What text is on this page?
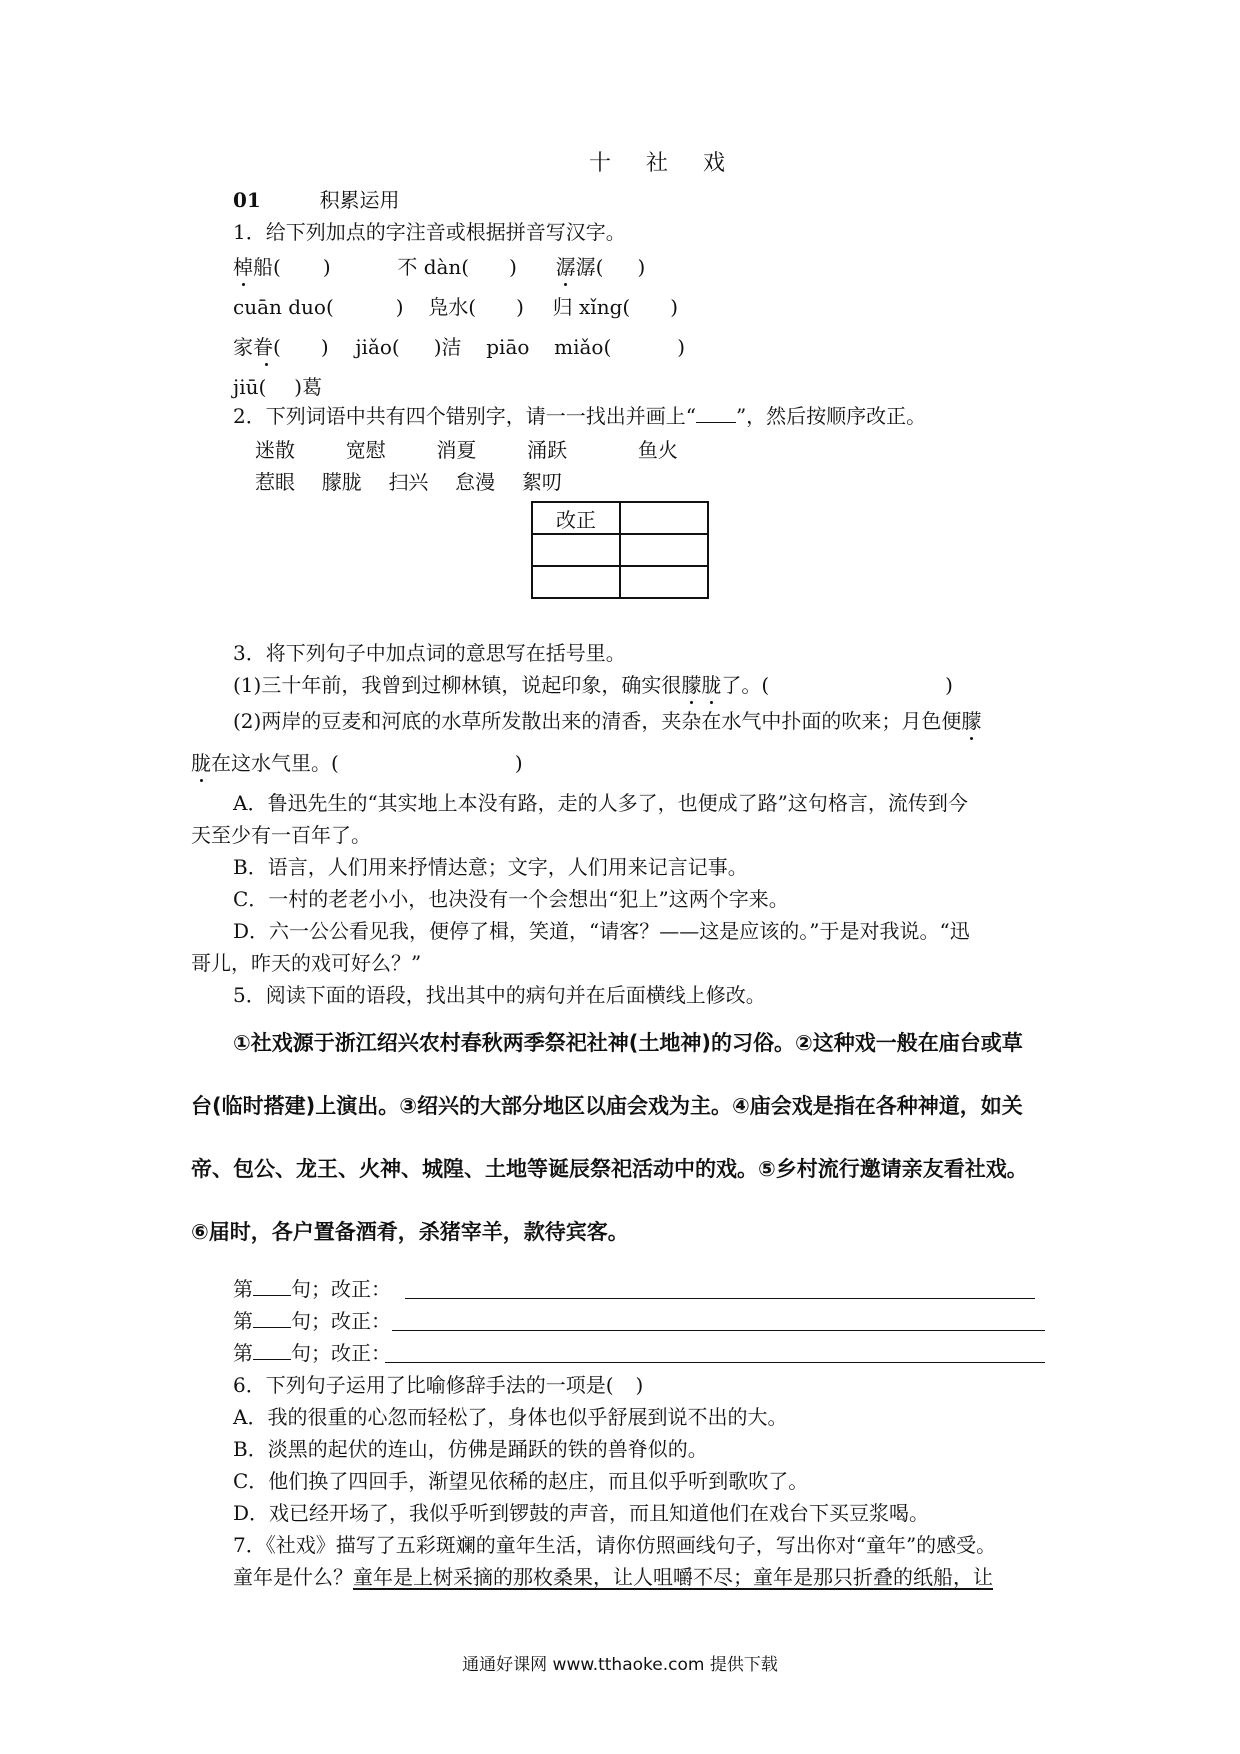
十 社 戏
01	积累运用
1．给下列加点的字注音或根据拼音写汉字。
棹船( )	不 dàn( ) 潺潺( )
cuān duo(	) 凫水( ) 归 xǐng( )
家眷( ) jiǎo( )洁 piāo miǎo(	)
jiū( )葛
2．下列词语中共有四个错别字，请一一找出并画上“ ”，然后按顺序改正。
迷散	宽慰	消夏	涌跃	鱼火
惹眼 朦胧 扫兴 怠漫 絮叨
改正	

3．将下列句子中加点词的意思写在括号里。
(1)三十年前，我曾到过柳林镇，说起印象，确实很朦胧了。(	)
(2)两岸的豆麦和河底的水草所发散出来的清香，夹杂在水气中扑面的吹来；月色便朦
胧在这水气里。(	)
A．鲁迅先生的“其实地上本没有路，走的人多了，也便成了路”这句格言，流传到今
天至少有一百年了。
B．语言，人们用来抒情达意；文字，人们用来记言记事。
C．一村的老老小小，也决没有一个会想出“犯上”这两个字来。
D．六一公公看见我，便停了楫，笑道，“请客？——这是应该的。”于是对我说。“迅
哥儿，昨天的戏可好么？”
5．阅读下面的语段，找出其中的病句并在后面横线上修改。
①社戏源于浙江绍兴农村春秋两季祭祀社神(土地神)的习俗。②这种戏一般在庙台或草
台(临时搭建)上演出。③绍兴的大部分地区以庙会戏为主。④庙会戏是指在各种神道，如关
帝、包公、龙王、火神、城隍、土地等诞辰祭祀活动中的戏。⑤乡村流行邀请亲友看社戏。
⑥届时，各户置备酒肴，杀猪宰羊，款待宾客。
第 句；改正：
第 句；改正：
第 句；改正：
6．下列句子运用了比喻修辞手法的一项是( )
A．我的很重的心忽而轻松了，身体也似乎舒展到说不出的大。
B．淡黑的起伏的连山，仿佛是踊跃的铁的兽脊似的。
C．他们换了四回手，渐望见依稀的赵庄，而且似乎听到歌吹了。
D．戏已经开场了，我似乎听到锣鼓的声音，而且知道他们在戏台下买豆浆喝。
7．《社戏》描写了五彩斑斓的童年生活，请你仿照画线句子，写出你对“童年”的感受。
童年是什么？童年是上树采摘的那枚桑果，让人咀嚼不尽；童年是那只折叠的纸船，让
通通好课网 www.tthaoke.com 提供下载
